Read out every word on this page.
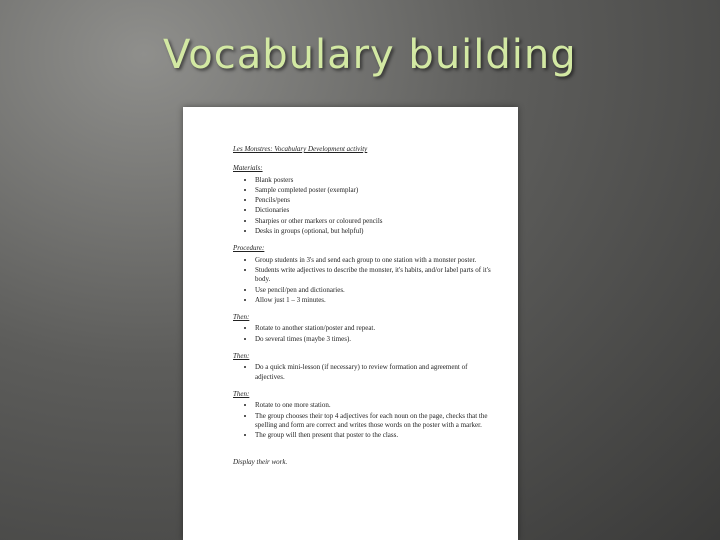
Vocabulary building
Les Monstres: Vocabulary Development activity
Materials:
• Blank posters
• Sample completed poster (exemplar)
• Pencils/pens
• Dictionaries
• Sharpies or other markers or coloured pencils
• Desks in groups (optional, but helpful)
Procedure:
• Group students in 3's and send each group to one station with a monster poster.
• Students write adjectives to describe the monster, it's habits, and/or label parts of it's body.
• Use pencil/pen and dictionaries.
• Allow just 1 – 3 minutes.
Then:
• Rotate to another station/poster and repeat.
• Do several times (maybe 3 times).
Then:
• Do a quick mini-lesson (if necessary) to review formation and agreement of adjectives.
Then:
• Rotate to one more station.
• The group chooses their top 4 adjectives for each noun on the page, checks that the spelling and form are correct and writes those words on the poster with a marker.
• The group will then present that poster to the class.
Display their work.
